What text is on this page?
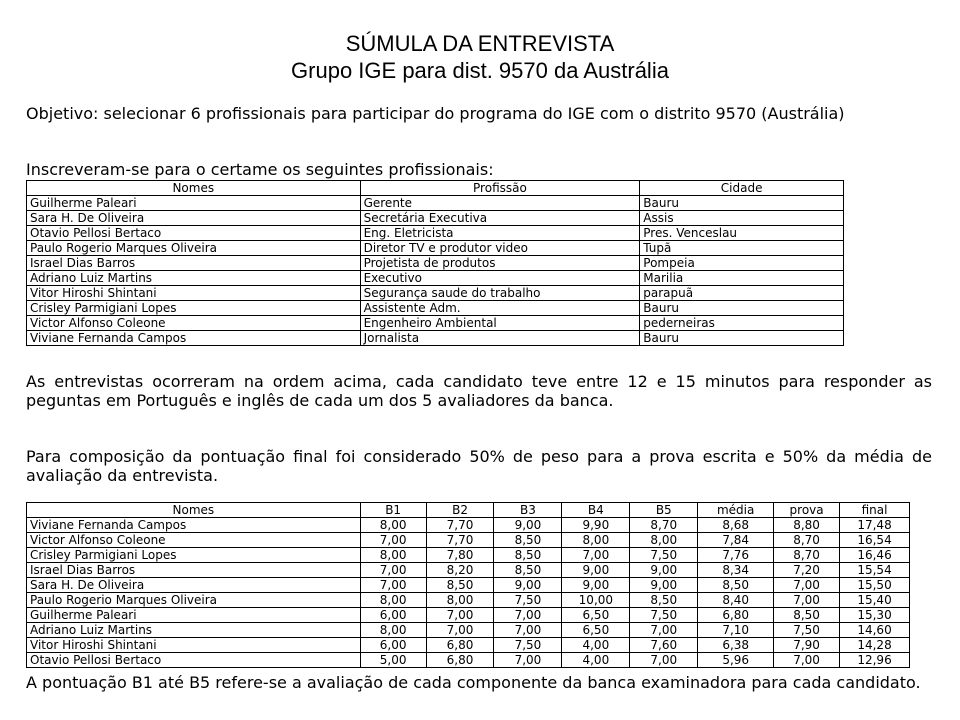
SÚMULA DA ENTREVISTA
Grupo IGE para dist. 9570 da Austrália
Objetivo: selecionar 6 profissionais para participar do programa do IGE com o distrito 9570 (Austrália)
Inscreveram-se para o certame os seguintes profissionais:
Nomes	Profissão	Cidade
Guilherme Paleari	Gerente	Bauru
Sara H. De Oliveira	Secretária Executiva	Assis
Otavio Pellosi Bertaco	Eng. Eletricista	Pres. Venceslau
Paulo Rogerio Marques Oliveira	Diretor TV e produtor video	Tupã
Israel Dias Barros	Projetista de produtos	Pompeia
Adriano Luiz Martins	Executivo	Marilia
Vitor Hiroshi Shintani	Segurança saude do trabalho	parapuã
Crisley Parmigiani Lopes	Assistente Adm.	Bauru
Victor Alfonso Coleone	Engenheiro Ambiental	pederneiras
Viviane Fernanda Campos	Jornalista	Bauru
As entrevistas ocorreram na ordem acima, cada candidato teve entre 12 e 15 minutos para responder as peguntas em Português e inglês de cada um dos 5 avaliadores da banca.
Para composição da pontuação final foi considerado 50% de peso para a prova escrita e 50% da média de avaliação da entrevista.
Nomes	B1	B2	B3	B4	B5	média	prova	final
Viviane Fernanda Campos	8,00	7,70	9,00	9,90	8,70	8,68	8,80	17,48
Victor Alfonso Coleone	7,00	7,70	8,50	8,00	8,00	7,84	8,70	16,54
Crisley Parmigiani Lopes	8,00	7,80	8,50	7,00	7,50	7,76	8,70	16,46
Israel Dias Barros	7,00	8,20	8,50	9,00	9,00	8,34	7,20	15,54
Sara H. De Oliveira	7,00	8,50	9,00	9,00	9,00	8,50	7,00	15,50
Paulo Rogerio Marques Oliveira	8,00	8,00	7,50	10,00	8,50	8,40	7,00	15,40
Guilherme Paleari	6,00	7,00	7,00	6,50	7,50	6,80	8,50	15,30
Adriano Luiz Martins	8,00	7,00	7,00	6,50	7,00	7,10	7,50	14,60
Vitor Hiroshi Shintani	6,00	6,80	7,50	4,00	7,60	6,38	7,90	14,28
Otavio Pellosi Bertaco	5,00	6,80	7,00	4,00	7,00	5,96	7,00	12,96
A pontuação B1 até B5 refere-se a avaliação de cada componente da banca examinadora para cada candidato.
